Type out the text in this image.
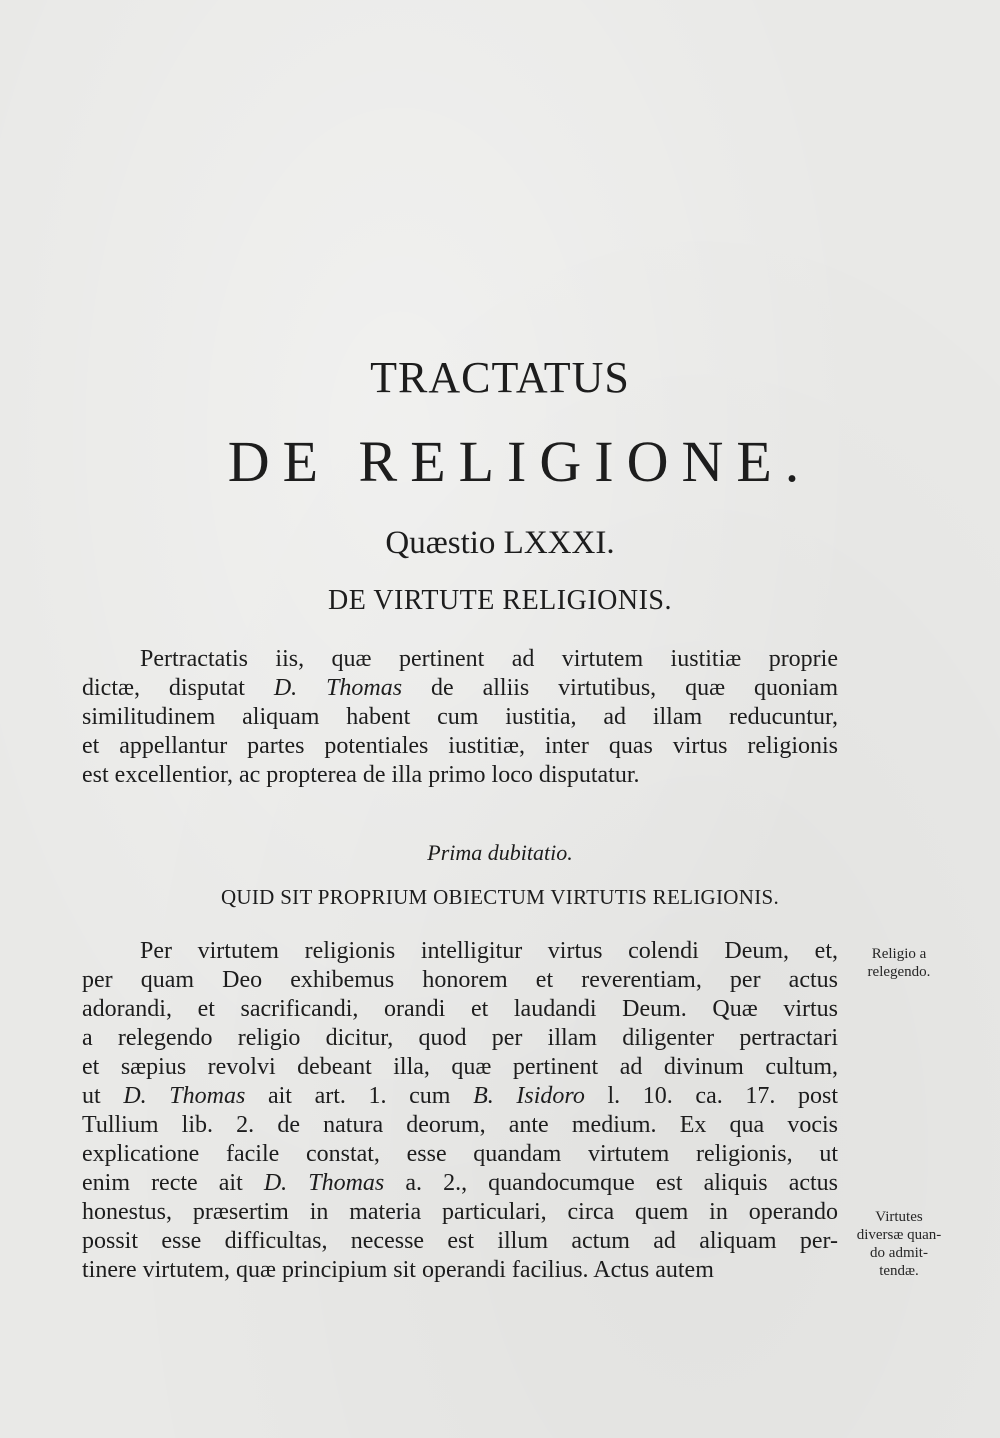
TRACTATUS
DE RELIGIONE.
Quæstio LXXXI.
DE VIRTUTE RELIGIONIS.
Pertractatis iis, quæ pertinent ad virtutem iustitiæ proprie
dictæ, disputat D. Thomas de alliis virtutibus, quæ quoniam
similitudinem aliquam habent cum iustitia, ad illam reducuntur,
et appellantur partes potentiales iustitiæ, inter quas virtus religionis
est excellentior, ac propterea de illa primo loco disputatur.
Prima dubitatio.
QUID SIT PROPRIUM OBIECTUM VIRTUTIS RELIGIONIS.
Per virtutem religionis intelligitur virtus colendi Deum, et,
per quam Deo exhibemus honorem et reverentiam, per actus
adorandi, et sacrificandi, orandi et laudandi Deum. Quæ virtus
a relegendo religio dicitur, quod per illam diligenter pertractari
et sæpius revolvi debeant illa, quæ pertinent ad divinum cultum,
ut D. Thomas ait art. 1. cum B. Isidoro l. 10. ca. 17. post
Tullium lib. 2. de natura deorum, ante medium. Ex qua vocis
explicatione facile constat, esse quandam virtutem religionis, ut
enim recte ait D. Thomas a. 2., quandocumque est aliquis actus
honestus, præsertim in materia particulari, circa quem in operando
possit esse difficultas, necesse est illum actum ad aliquam per-
tinere virtutem, quæ principium sit operandi facilius. Actus autem
Religio a
relegendo.
Virtutes
diversæ quan-
do admit-
tendæ.
